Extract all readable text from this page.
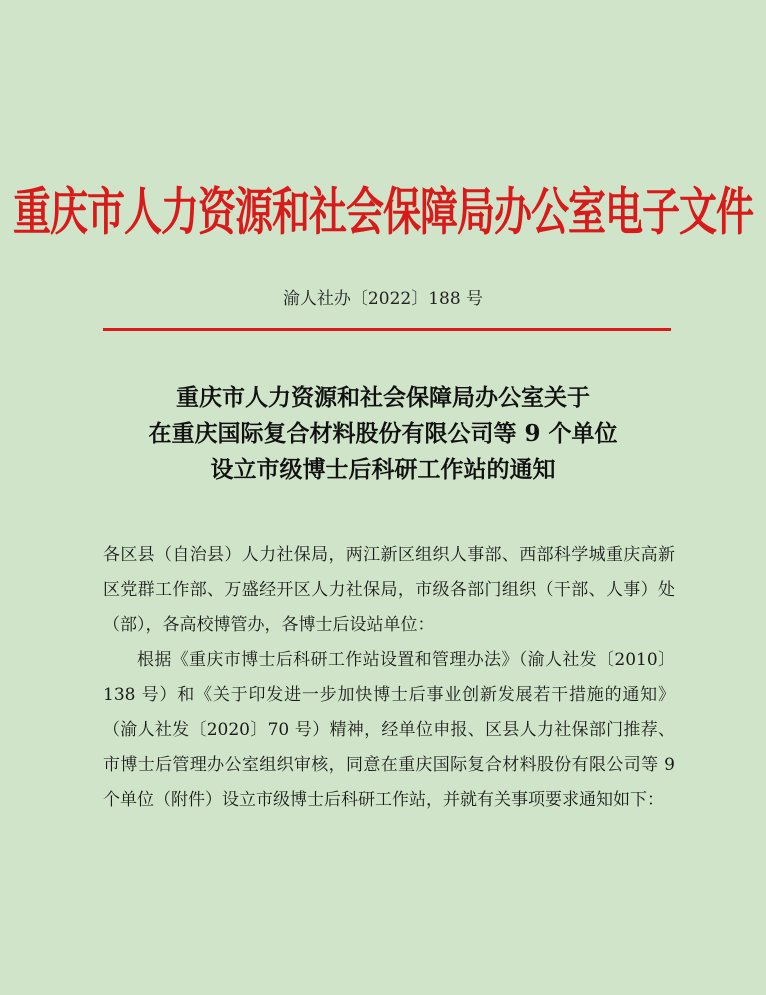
重庆市人力资源和社会保障局办公室电子文件
渝人社办〔2022〕188 号
重庆市人力资源和社会保障局办公室关于
在重庆国际复合材料股份有限公司等 9 个单位
设立市级博士后科研工作站的通知

各区县（自治县）人力社保局，两江新区组织人事部、西部科学城重庆高新区党群工作部、万盛经开区人力社保局，市级各部门组织（干部、人事）处（部），各高校博管办，各博士后设站单位：

根据《重庆市博士后科研工作站设置和管理办法》（渝人社发〔2010〕138 号）和《关于印发进一步加快博士后事业创新发展若干措施的通知》（渝人社发〔2020〕70 号）精神，经单位申报、区县人力社保部门推荐、市博士后管理办公室组织审核，同意在重庆国际复合材料股份有限公司等 9 个单位（附件）设立市级博士后科研工作站，并就有关事项要求通知如下：
